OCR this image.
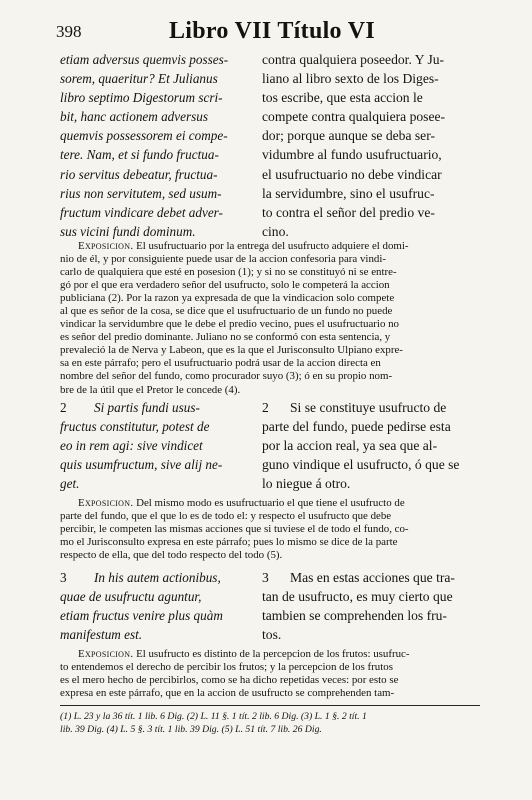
398	Libro VII Título VI
etiam adversus quemvis posses-
sorem, quaeritur? Et Julianus
libro septimo Digestorum scri-
bit, hanc actionem adversus
quemvis possessorem ei compe-
tere. Nam, et si fundo fructua-
rio servitus debeatur, fructua-
rius non servitutem, sed usum-
fructum vindicare debet adver-
sus vicini fundi dominum.
contra qualquiera poseedor. Y Ju-
liano al libro sexto de los Diges-
tos escribe, que esta accion le
compete contra qualquiera posee-
dor; porque aunque se deba ser-
vidumbre al fundo usufructuario,
el usufructuario no debe vindicar
la servidumbre, sino el usufruc-
to contra el señor del predio ve-
cino.
Exposicion. El usufructuario por la entrega del usufructo adquiere el domi-
nio de él, y por consiguiente puede usar de la accion confesoria para vindi-
carlo de qualquiera que esté en posesion (1); y si no se constituyó ni se entre-
gó por el que era verdadero señor del usufructo, solo le competerá la accion
publiciana (2). Por la razon ya expresada de que la vindicacion solo compete
al que es señor de la cosa, se dice que el usufructuario de un fundo no puede
vindicar la servidumbre que le debe el predio vecino, pues el usufructuario no
es señor del predio dominante. Juliano no se conformó con esta sentencia, y
prevaleció la de Nerva y Labeon, que es la que el Jurisconsulto Ulpiano expre-
sa en este párrafo; pero el usufructuario podrá usar de la accion directa en
nombre del señor del fundo, como procurador suyo (3); ó en su propio nom-
bre de la útil que el Pretor le concede (4).
2 Si partis fundi usus-
fructus constitutur, potest de
eo in rem agi: sive vindicet
quis usumfructum, sive alij ne-
get.
2 Si se constituye usufructo de
parte del fundo, puede pedirse esta
por la accion real, ya sea que al-
guno vindique el usufructo, ó que se
lo niegue á otro.
Exposicion. Del mismo modo es usufructuario el que tiene el usufructo de
parte del fundo, que el que lo es de todo el: y respecto el usufructo que debe
percibir, le competen las mismas acciones que si tuviese el de todo el fundo, co-
mo el Jurisconsulto expresa en este párrafo; pues lo mismo se dice de la parte
respecto de ella, que del todo respecto del todo (5).
3 In his autem actionibus,
quae de usufructu aguntur,
etiam fructus venire plus quàm
manifestum est.
3 Mas en estas acciones que tra-
tan de usufructo, es muy cierto que
tambien se comprehenden los fru-
tos.
Exposicion. El usufructo es distinto de la percepcion de los frutos: usufruc-
to entendemos el derecho de percibir los frutos; y la percepcion de los frutos
es el mero hecho de percibirlos, como se ha dicho repetidas veces: por esto se
expresa en este párrafo, que en la accion de usufructo se comprehenden tam-
(1) L. 23 y la 36 tít. 1 lib. 6 Dig. (2) L. 11 §. 1 tít. 2 lib. 6 Dig. (3) L. 1 §. 2 tít. 1
lib. 39 Dig. (4) L. 5 §. 3 tít. 1 lib. 39 Dig. (5) L. 51 tít. 7 lib. 26 Dig.
